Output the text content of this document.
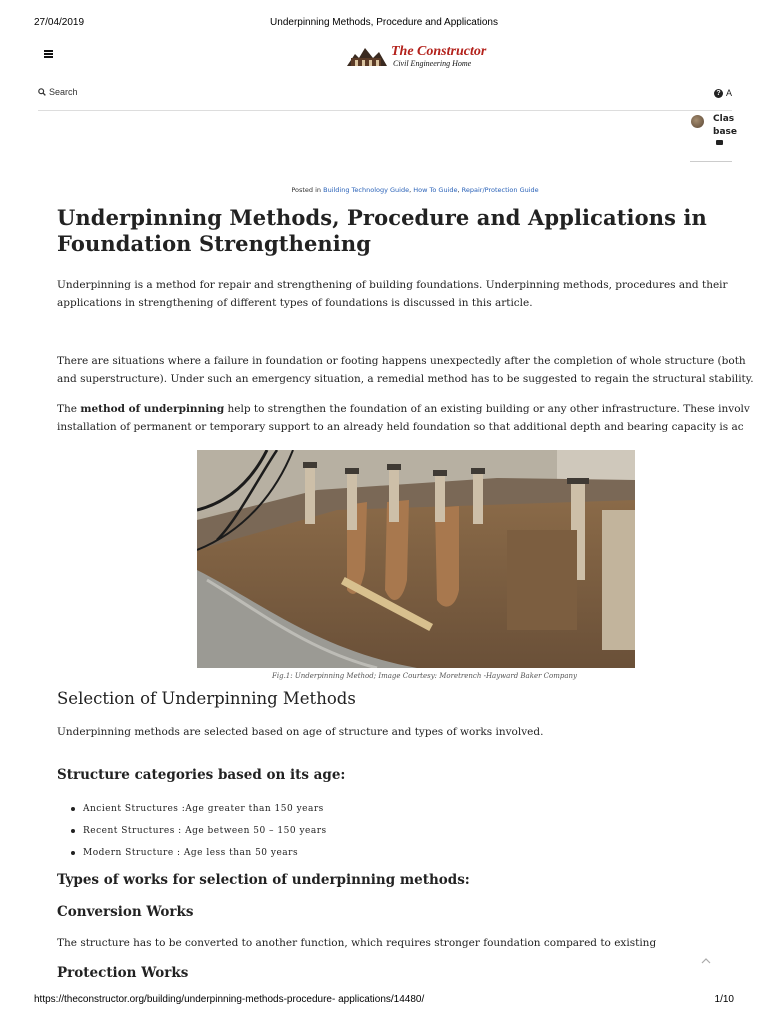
27/04/2019	Underpinning Methods, Procedure and Applications
The Constructor
Civil Engineering Home
Search	? A
Clas
base
Posted in Building Technology Guide, How To Guide, Repair/Protection Guide
Underpinning Methods, Procedure and Applications in Foundation Strengthening

Underpinning is a method for repair and strengthening of building foundations. Underpinning methods, procedures and their
applications in strengthening of different types of foundations is discussed in this article.

There are situations where a failure in foundation or footing happens unexpectedly after the completion of whole structure (both
and superstructure). Under such an emergency situation, a remedial method has to be suggested to regain the structural stability.

The method of underpinning help to strengthen the foundation of an existing building or any other infrastructure. These involv
installation of permanent or temporary support to an already held foundation so that additional depth and bearing capacity is ac

Fig.1: Underpinning Method; Image Courtesy: Moretrench -Hayward Baker Company
Selection of Underpinning Methods

Underpinning methods are selected based on age of structure and types of works involved.

Structure categories based on its age:
Ancient Structures :Age greater than 150 years
Recent Structures : Age between 50 – 150 years
Modern Structure : Age less than 50 years
Types of works for selection of underpinning methods:
Conversion Works

The structure has to be converted to another function, which requires stronger foundation compared to existing

Protection Works
https://theconstructor.org/building/underpinning-methods-procedure- applications/14480/	1/10
